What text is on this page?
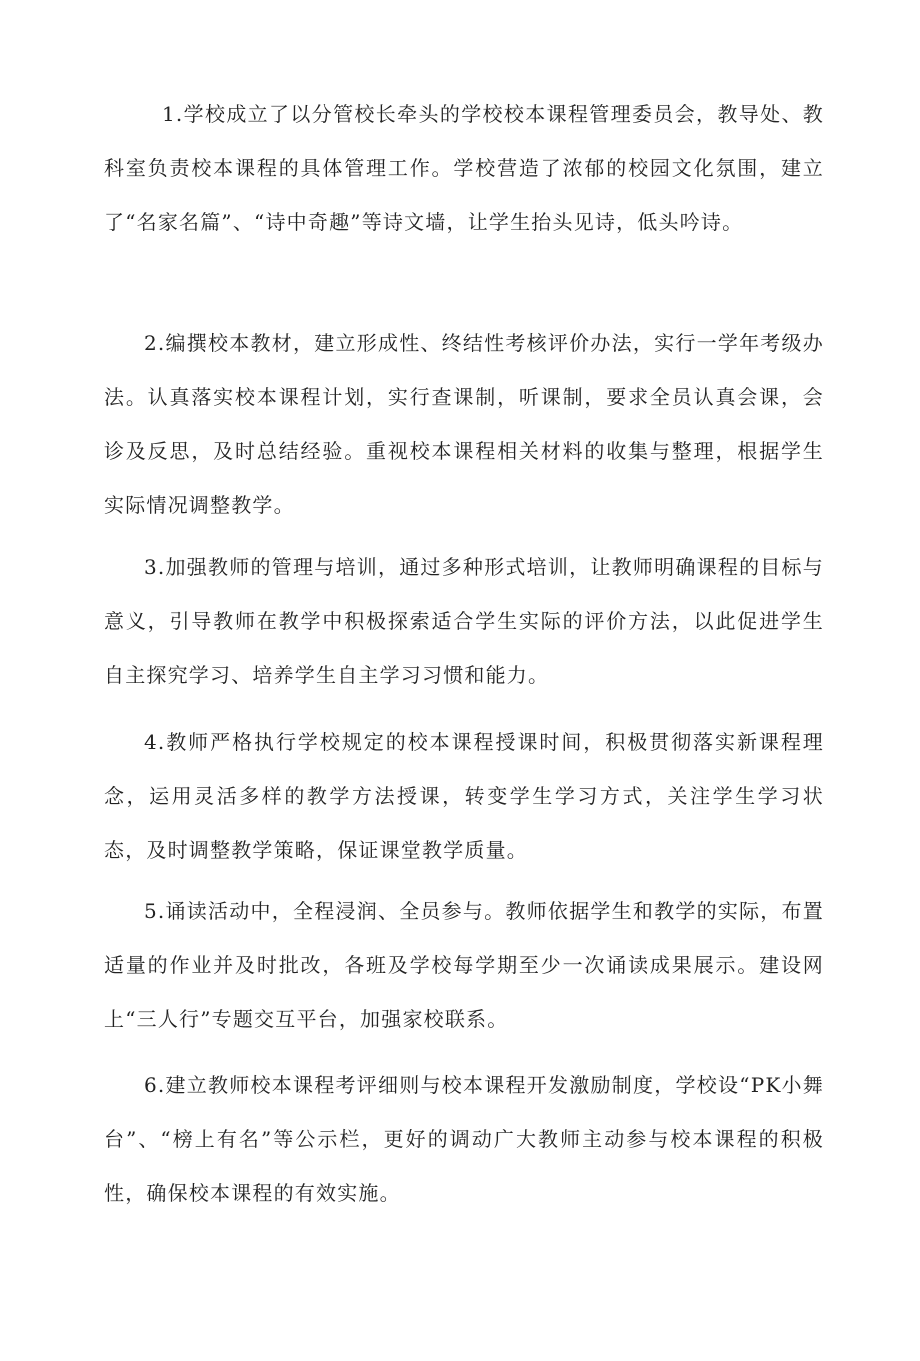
1.学校成立了以分管校长牵头的学校校本课程管理委员会，教导处、教科室负责校本课程的具体管理工作。学校营造了浓郁的校园文化氛围，建立了“名家名篇”、“诗中奇趣”等诗文墙，让学生抬头见诗，低头吟诗。

2.编撰校本教材，建立形成性、终结性考核评价办法，实行一学年考级办法。认真落实校本课程计划，实行查课制，听课制，要求全员认真会课，会诊及反思，及时总结经验。重视校本课程相关材料的收集与整理，根据学生实际情况调整教学。

3.加强教师的管理与培训，通过多种形式培训，让教师明确课程的目标与意义，引导教师在教学中积极探索适合学生实际的评价方法，以此促进学生自主探究学习、培养学生自主学习习惯和能力。

4.教师严格执行学校规定的校本课程授课时间，积极贯彻落实新课程理念，运用灵活多样的教学方法授课，转变学生学习方式，关注学生学习状态，及时调整教学策略，保证课堂教学质量。

5.诵读活动中，全程浸润、全员参与。教师依据学生和教学的实际，布置适量的作业并及时批改，各班及学校每学期至少一次诵读成果展示。建设网上“三人行”专题交互平台，加强家校联系。

6.建立教师校本课程考评细则与校本课程开发激励制度，学校设“PK小舞台”、“榜上有名”等公示栏，更好的调动广大教师主动参与校本课程的积极性，确保校本课程的有效实施。
